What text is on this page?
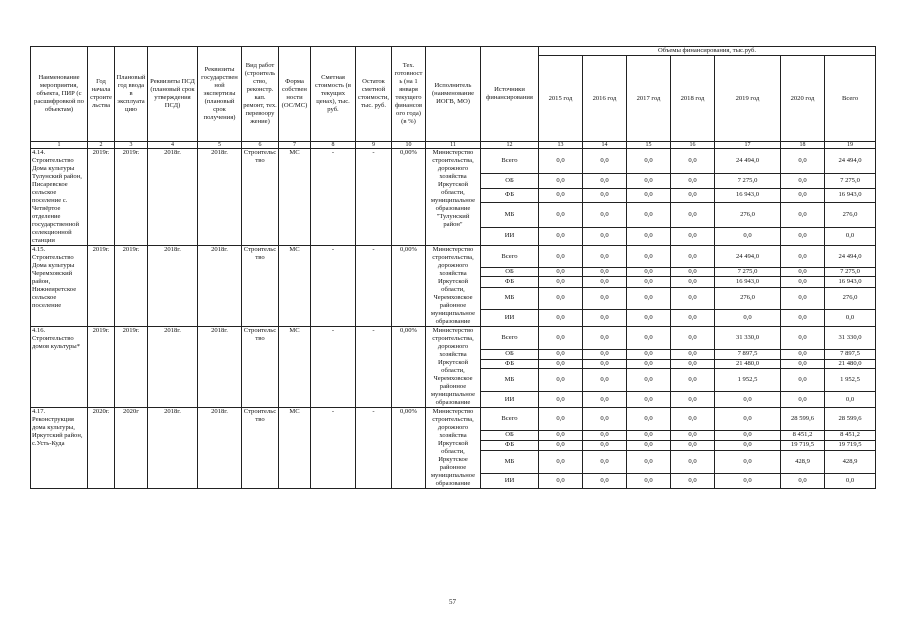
Наименование мероприятия, объекта, ПИР (с расшифровкой по объектам)	Год начала строите льства	Плановый год ввода в эксплуата цию	Реквизиты ПСД (плановый срок утверждения ПСД)	Реквизиты государствен ной экспертизы (плановый срок получения)	Вид работ (строитель ство, реконстр. кап. ремонт, тех. перевоору жение)	Форма собствен ности (ОС/МС)	Сметная стоимость (в текущих ценах), тыс. руб.	Остаток сметной стоимости, тыс. руб.	Тех. готовност ь (на 1 января текущего финансов ого года) (в %)	Исполнитель (наименование ИОГВ, МО)	Источники финансирования	Объемы финансирования, тыс.руб.						
												2015 год	2016 год	2017 год	2018 год	2019 год	2020 год	Всего
1	2	3	4	5	6	7	8	9	10	11	12	13	14	15	16	17	18	19
4.14. Строительство Дома культуры Тулунский район, Писаревское сельское поселение с. Четвёртое отделение государственной селекционной станции	2019г.	2019г.	2018г.	2018г.	Строительс тво	МС	-	-	0,00%	Министерство строительства, дорожного хозяйства Иркутской области, муниципальное образование "Тулунский район"	Всего	0,0	0,0	0,0	0,0	24 494,0	0,0	24 494,0
											ОБ	0,0	0,0	0,0	0,0	7 275,0	0,0	7 275,0
											ФБ	0,0	0,0	0,0	0,0	16 943,0	0,0	16 943,0
											МБ	0,0	0,0	0,0	0,0	276,0	0,0	276,0
											ИИ	0,0	0,0	0,0	0,0	0,0	0,0	0,0
4.15. Строительство Дома культуры Черемховский район, Нижнеиретское сельское поселение	2019г.	2019г.	2018г.	2018г.	Строительс тво	МС	-	-	0,00%	Министерство строительства, дорожного хозяйства Иркутской области, Черемховское районное муниципальное образование	Всего	0,0	0,0	0,0	0,0	24 494,0	0,0	24 494,0
											ОБ	0,0	0,0	0,0	0,0	7 275,0	0,0	7 275,0
											ФБ	0,0	0,0	0,0	0,0	16 943,0	0,0	16 943,0
											МБ	0,0	0,0	0,0	0,0	276,0	0,0	276,0
											ИИ	0,0	0,0	0,0	0,0	0,0	0,0	0,0
4.16. Строительство домов культуры*	2019г.	2019г.	2018г.	2018г.	Строительс тво	МС	-	-	0,00%	Министерство строительства, дорожного хозяйства Иркутской области, Черемховское районное муниципальное образование	Всего	0,0	0,0	0,0	0,0	31 330,0	0,0	31 330,0
											ОБ	0,0	0,0	0,0	0,0	7 897,5	0,0	7 897,5
											ФБ	0,0	0,0	0,0	0,0	21 480,0	0,0	21 480,0
											МБ	0,0	0,0	0,0	0,0	1 952,5	0,0	1 952,5
											ИИ	0,0	0,0	0,0	0,0	0,0	0,0	0,0
4.17. Реконструкция дома культуры, Иркутский район, с.Усть-Куда	2020г.	2020г	2018г.	2018г.	Строительс тво	МС	-	-	0,00%	Министерство строительства, дорожного хозяйства Иркутской области, Иркутское районное муниципальное образование	Всего	0,0	0,0	0,0	0,0	0,0	28 599,6	28 599,6
											ОБ	0,0	0,0	0,0	0,0	0,0	8 451,2	8 451,2
											ФБ	0,0	0,0	0,0	0,0	0,0	19 719,5	19 719,5
											МБ	0,0	0,0	0,0	0,0	0,0	428,9	428,9
											ИИ	0,0	0,0	0,0	0,0	0,0	0,0	0,0
57
